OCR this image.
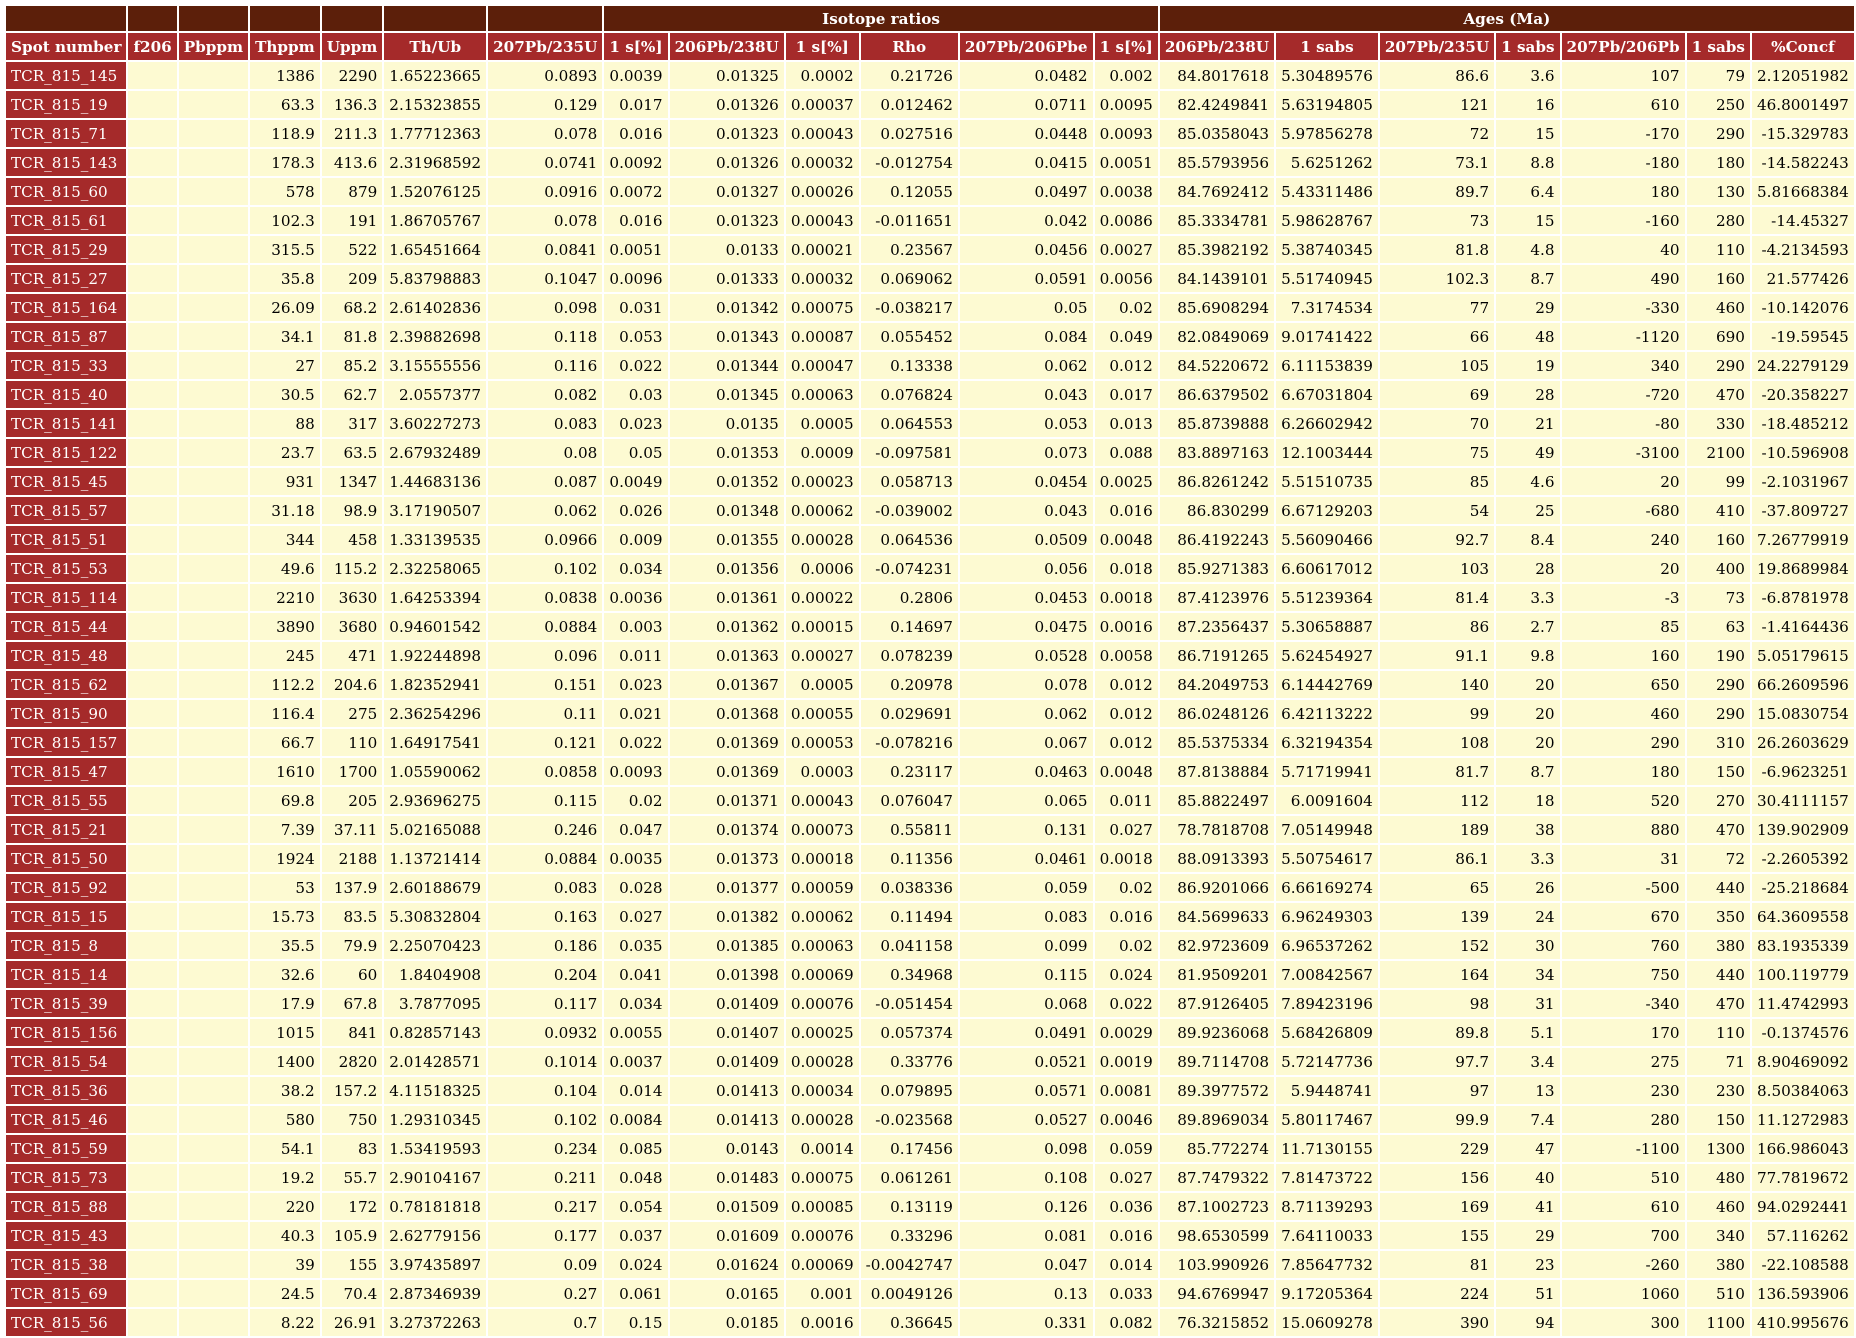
							Isotope ratios						Ages (Ma)						
Spot number	f206	Pbppm	Thppm	Uppm	Th/Ub	207Pb/235U	1 s[%]	206Pb/238U	1 s[%]	Rho	207Pb/206Pbe	1 s[%]	206Pb/238U	1 sabs	207Pb/235U	1 sabs	207Pb/206Pb	1 sabs	%Concf
TCR_815_145			1386	2290	1.65223665	0.0893	0.0039	0.01325	0.0002	0.21726	0.0482	0.002	84.8017618	5.30489576	86.6	3.6	107	79	2.12051982
TCR_815_19			63.3	136.3	2.15323855	0.129	0.017	0.01326	0.00037	0.012462	0.0711	0.0095	82.4249841	5.63194805	121	16	610	250	46.8001497
TCR_815_71			118.9	211.3	1.77712363	0.078	0.016	0.01323	0.00043	0.027516	0.0448	0.0093	85.0358043	5.97856278	72	15	-170	290	-15.329783
TCR_815_143			178.3	413.6	2.31968592	0.0741	0.0092	0.01326	0.00032	-0.012754	0.0415	0.0051	85.5793956	5.6251262	73.1	8.8	-180	180	-14.582243
TCR_815_60			578	879	1.52076125	0.0916	0.0072	0.01327	0.00026	0.12055	0.0497	0.0038	84.7692412	5.43311486	89.7	6.4	180	130	5.81668384
TCR_815_61			102.3	191	1.86705767	0.078	0.016	0.01323	0.00043	-0.011651	0.042	0.0086	85.3334781	5.98628767	73	15	-160	280	-14.45327
TCR_815_29			315.5	522	1.65451664	0.0841	0.0051	0.0133	0.00021	0.23567	0.0456	0.0027	85.3982192	5.38740345	81.8	4.8	40	110	-4.2134593
TCR_815_27			35.8	209	5.83798883	0.1047	0.0096	0.01333	0.00032	0.069062	0.0591	0.0056	84.1439101	5.51740945	102.3	8.7	490	160	21.577426
TCR_815_164			26.09	68.2	2.61402836	0.098	0.031	0.01342	0.00075	-0.038217	0.05	0.02	85.6908294	7.3174534	77	29	-330	460	-10.142076
TCR_815_87			34.1	81.8	2.39882698	0.118	0.053	0.01343	0.00087	0.055452	0.084	0.049	82.0849069	9.01741422	66	48	-1120	690	-19.59545
TCR_815_33			27	85.2	3.15555556	0.116	0.022	0.01344	0.00047	0.13338	0.062	0.012	84.5220672	6.11153839	105	19	340	290	24.2279129
TCR_815_40			30.5	62.7	2.0557377	0.082	0.03	0.01345	0.00063	0.076824	0.043	0.017	86.6379502	6.67031804	69	28	-720	470	-20.358227
TCR_815_141			88	317	3.60227273	0.083	0.023	0.0135	0.0005	0.064553	0.053	0.013	85.8739888	6.26602942	70	21	-80	330	-18.485212
TCR_815_122			23.7	63.5	2.67932489	0.08	0.05	0.01353	0.0009	-0.097581	0.073	0.088	83.8897163	12.1003444	75	49	-3100	2100	-10.596908
TCR_815_45			931	1347	1.44683136	0.087	0.0049	0.01352	0.00023	0.058713	0.0454	0.0025	86.8261242	5.51510735	85	4.6	20	99	-2.1031967
TCR_815_57			31.18	98.9	3.17190507	0.062	0.026	0.01348	0.00062	-0.039002	0.043	0.016	86.830299	6.67129203	54	25	-680	410	-37.809727
TCR_815_51			344	458	1.33139535	0.0966	0.009	0.01355	0.00028	0.064536	0.0509	0.0048	86.4192243	5.56090466	92.7	8.4	240	160	7.26779919
TCR_815_53			49.6	115.2	2.32258065	0.102	0.034	0.01356	0.0006	-0.074231	0.056	0.018	85.9271383	6.60617012	103	28	20	400	19.8689984
TCR_815_114			2210	3630	1.64253394	0.0838	0.0036	0.01361	0.00022	0.2806	0.0453	0.0018	87.4123976	5.51239364	81.4	3.3	-3	73	-6.8781978
TCR_815_44			3890	3680	0.94601542	0.0884	0.003	0.01362	0.00015	0.14697	0.0475	0.0016	87.2356437	5.30658887	86	2.7	85	63	-1.4164436
TCR_815_48			245	471	1.92244898	0.096	0.011	0.01363	0.00027	0.078239	0.0528	0.0058	86.7191265	5.62454927	91.1	9.8	160	190	5.05179615
TCR_815_62			112.2	204.6	1.82352941	0.151	0.023	0.01367	0.0005	0.20978	0.078	0.012	84.2049753	6.14442769	140	20	650	290	66.2609596
TCR_815_90			116.4	275	2.36254296	0.11	0.021	0.01368	0.00055	0.029691	0.062	0.012	86.0248126	6.42113222	99	20	460	290	15.0830754
TCR_815_157			66.7	110	1.64917541	0.121	0.022	0.01369	0.00053	-0.078216	0.067	0.012	85.5375334	6.32194354	108	20	290	310	26.2603629
TCR_815_47			1610	1700	1.05590062	0.0858	0.0093	0.01369	0.0003	0.23117	0.0463	0.0048	87.8138884	5.71719941	81.7	8.7	180	150	-6.9623251
TCR_815_55			69.8	205	2.93696275	0.115	0.02	0.01371	0.00043	0.076047	0.065	0.011	85.8822497	6.0091604	112	18	520	270	30.4111157
TCR_815_21			7.39	37.11	5.02165088	0.246	0.047	0.01374	0.00073	0.55811	0.131	0.027	78.7818708	7.05149948	189	38	880	470	139.902909
TCR_815_50			1924	2188	1.13721414	0.0884	0.0035	0.01373	0.00018	0.11356	0.0461	0.0018	88.0913393	5.50754617	86.1	3.3	31	72	-2.2605392
TCR_815_92			53	137.9	2.60188679	0.083	0.028	0.01377	0.00059	0.038336	0.059	0.02	86.9201066	6.66169274	65	26	-500	440	-25.218684
TCR_815_15			15.73	83.5	5.30832804	0.163	0.027	0.01382	0.00062	0.11494	0.083	0.016	84.5699633	6.96249303	139	24	670	350	64.3609558
TCR_815_8			35.5	79.9	2.25070423	0.186	0.035	0.01385	0.00063	0.041158	0.099	0.02	82.9723609	6.96537262	152	30	760	380	83.1935339
TCR_815_14			32.6	60	1.8404908	0.204	0.041	0.01398	0.00069	0.34968	0.115	0.024	81.9509201	7.00842567	164	34	750	440	100.119779
TCR_815_39			17.9	67.8	3.7877095	0.117	0.034	0.01409	0.00076	-0.051454	0.068	0.022	87.9126405	7.89423196	98	31	-340	470	11.4742993
TCR_815_156			1015	841	0.82857143	0.0932	0.0055	0.01407	0.00025	0.057374	0.0491	0.0029	89.9236068	5.68426809	89.8	5.1	170	110	-0.1374576
TCR_815_54			1400	2820	2.01428571	0.1014	0.0037	0.01409	0.00028	0.33776	0.0521	0.0019	89.7114708	5.72147736	97.7	3.4	275	71	8.90469092
TCR_815_36			38.2	157.2	4.11518325	0.104	0.014	0.01413	0.00034	0.079895	0.0571	0.0081	89.3977572	5.9448741	97	13	230	230	8.50384063
TCR_815_46			580	750	1.29310345	0.102	0.0084	0.01413	0.00028	-0.023568	0.0527	0.0046	89.8969034	5.80117467	99.9	7.4	280	150	11.1272983
TCR_815_59			54.1	83	1.53419593	0.234	0.085	0.0143	0.0014	0.17456	0.098	0.059	85.772274	11.7130155	229	47	-1100	1300	166.986043
TCR_815_73			19.2	55.7	2.90104167	0.211	0.048	0.01483	0.00075	0.061261	0.108	0.027	87.7479322	7.81473722	156	40	510	480	77.7819672
TCR_815_88			220	172	0.78181818	0.217	0.054	0.01509	0.00085	0.13119	0.126	0.036	87.1002723	8.71139293	169	41	610	460	94.0292441
TCR_815_43			40.3	105.9	2.62779156	0.177	0.037	0.01609	0.00076	0.33296	0.081	0.016	98.6530599	7.64110033	155	29	700	340	57.116262
TCR_815_38			39	155	3.97435897	0.09	0.024	0.01624	0.00069	-0.0042747	0.047	0.014	103.990926	7.85647732	81	23	-260	380	-22.108588
TCR_815_69			24.5	70.4	2.87346939	0.27	0.061	0.0165	0.001	0.0049126	0.13	0.033	94.6769947	9.17205364	224	51	1060	510	136.593906
TCR_815_56			8.22	26.91	3.27372263	0.7	0.15	0.0185	0.0016	0.36645	0.331	0.082	76.3215852	15.0609278	390	94	300	1100	410.995676
